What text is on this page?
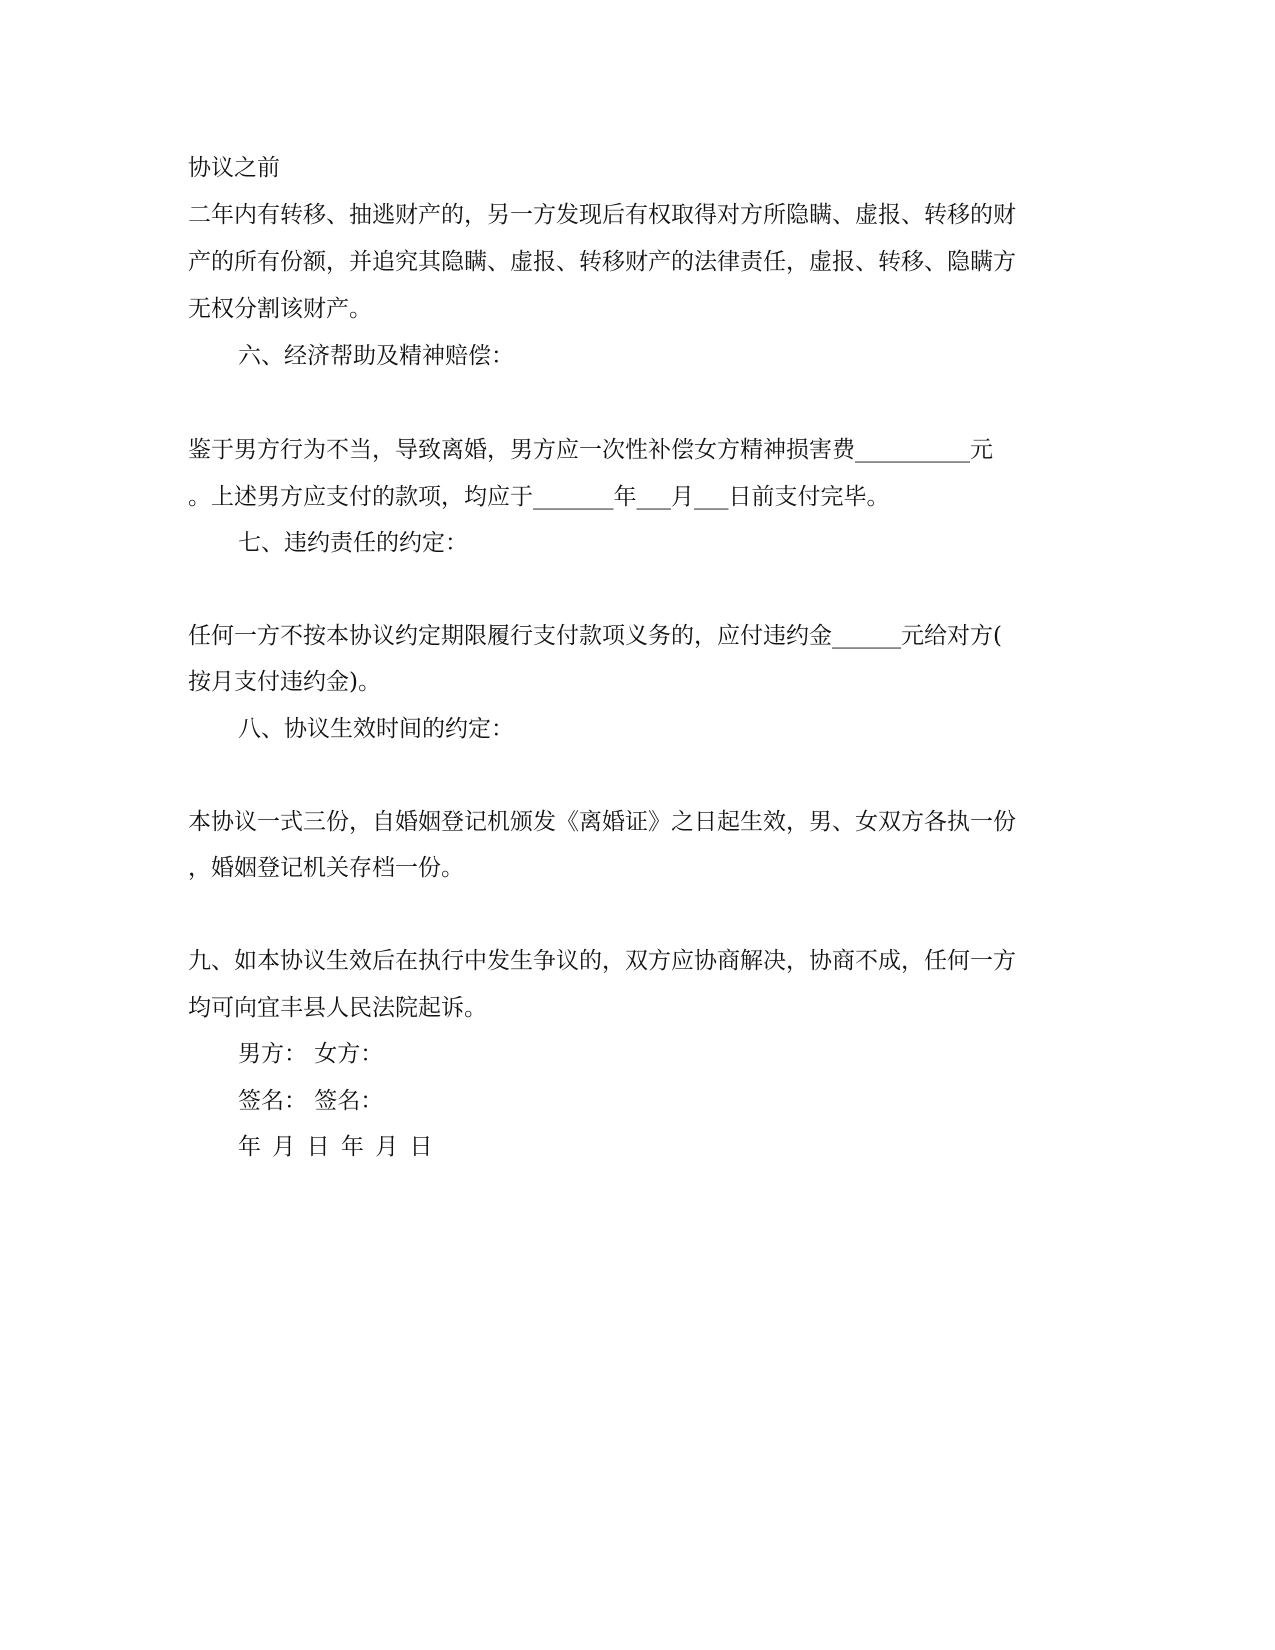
协议之前
二年内有转移、抽逃财产的，另一方发现后有权取得对方所隐瞒、虚报、转移的财
产的所有份额，并追究其隐瞒、虚报、转移财产的法律责任，虚报、转移、隐瞒方
无权分割该财产。
六、经济帮助及精神赔偿：
鉴于男方行为不当，导致离婚，男方应一次性补偿女方精神损害费__________元
。上述男方应支付的款项，均应于_______年___月___日前支付完毕。
七、违约责任的约定：
任何一方不按本协议约定期限履行支付款项义务的，应付违约金______元给对方(
按月支付违约金)。
八、协议生效时间的约定：
本协议一式三份，自婚姻登记机颁发《离婚证》之日起生效，男、女双方各执一份
，婚姻登记机关存档一份。
九、如本协议生效后在执行中发生争议的，双方应协商解决，协商不成，任何一方
均可向宜丰县人民法院起诉。
男方： 女方：
签名： 签名：
年 月 日 年 月 日
